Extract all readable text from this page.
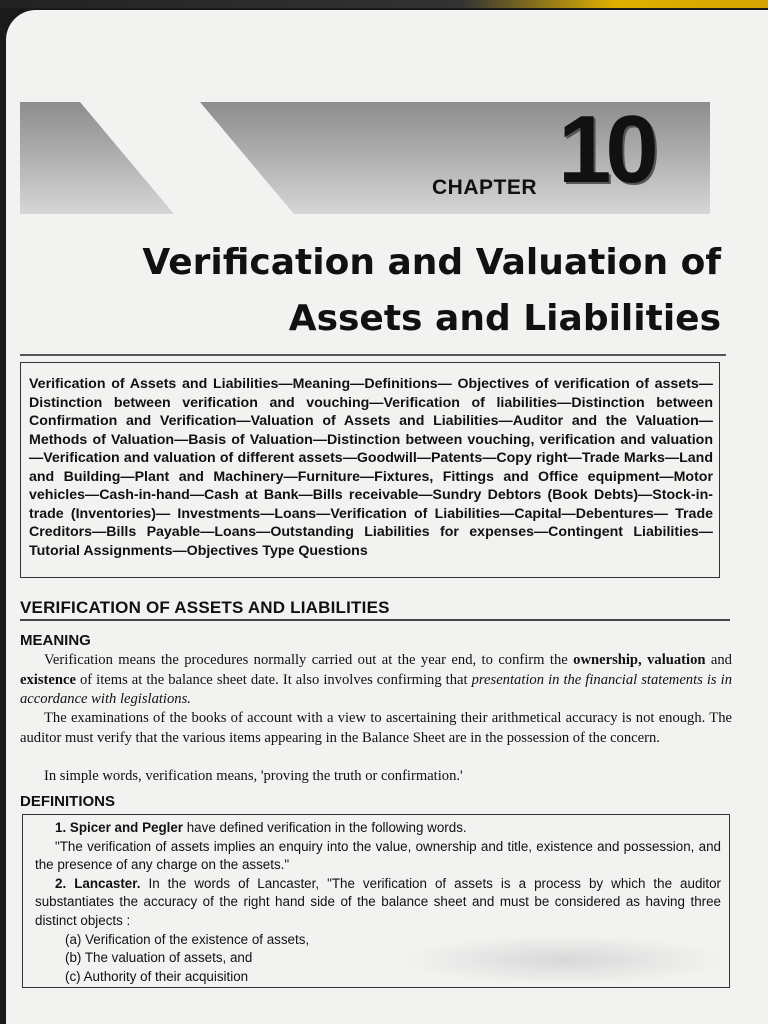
CHAPTER 10
Verification and Valuation of
Assets and Liabilities
Verification of Assets and Liabilities—Meaning—Definitions— Objectives of verification of assets—Distinction between verification and vouching—Verification of liabilities—Distinction between Confirmation and Verification—Valuation of Assets and Liabilities—Auditor and the Valuation—Methods of Valuation—Basis of Valuation—Distinction between vouching, verification and valuation—Verification and valuation of different assets—Goodwill—Patents—Copy right—Trade Marks—Land and Building—Plant and Machinery—Furniture—Fixtures, Fittings and Office equipment—Motor vehicles—Cash-in-hand—Cash at Bank—Bills receivable—Sundry Debtors (Book Debts)—Stock-in-trade (Inventories)— Investments—Loans—Verification of Liabilities—Capital—Debentures— Trade Creditors—Bills Payable—Loans—Outstanding Liabilities for expenses—Contingent Liabilities—Tutorial Assignments—Objectives Type Questions
VERIFICATION OF ASSETS AND LIABILITIES
MEANING
Verification means the procedures normally carried out at the year end, to confirm the ownership, valuation and existence of items at the balance sheet date. It also involves confirming that presentation in the financial statements is in accordance with legislations.
The examinations of the books of account with a view to ascertaining their arithmetical accuracy is not enough. The auditor must verify that the various items appearing in the Balance Sheet are in the possession of the concern.
In simple words, verification means, 'proving the truth or confirmation.'
DEFINITIONS

1. Spicer and Pegler have defined verification in the following words.

"The verification of assets implies an enquiry into the value, ownership and title, existence and possession, and the presence of any charge on the assets."

2. Lancaster. In the words of Lancaster, "The verification of assets is a process by which the auditor substantiates the accuracy of the right hand side of the balance sheet and must be considered as having three distinct objects :

(a) Verification of the existence of assets,

(b) The valuation of assets, and

(c) Authority of their acquisition
